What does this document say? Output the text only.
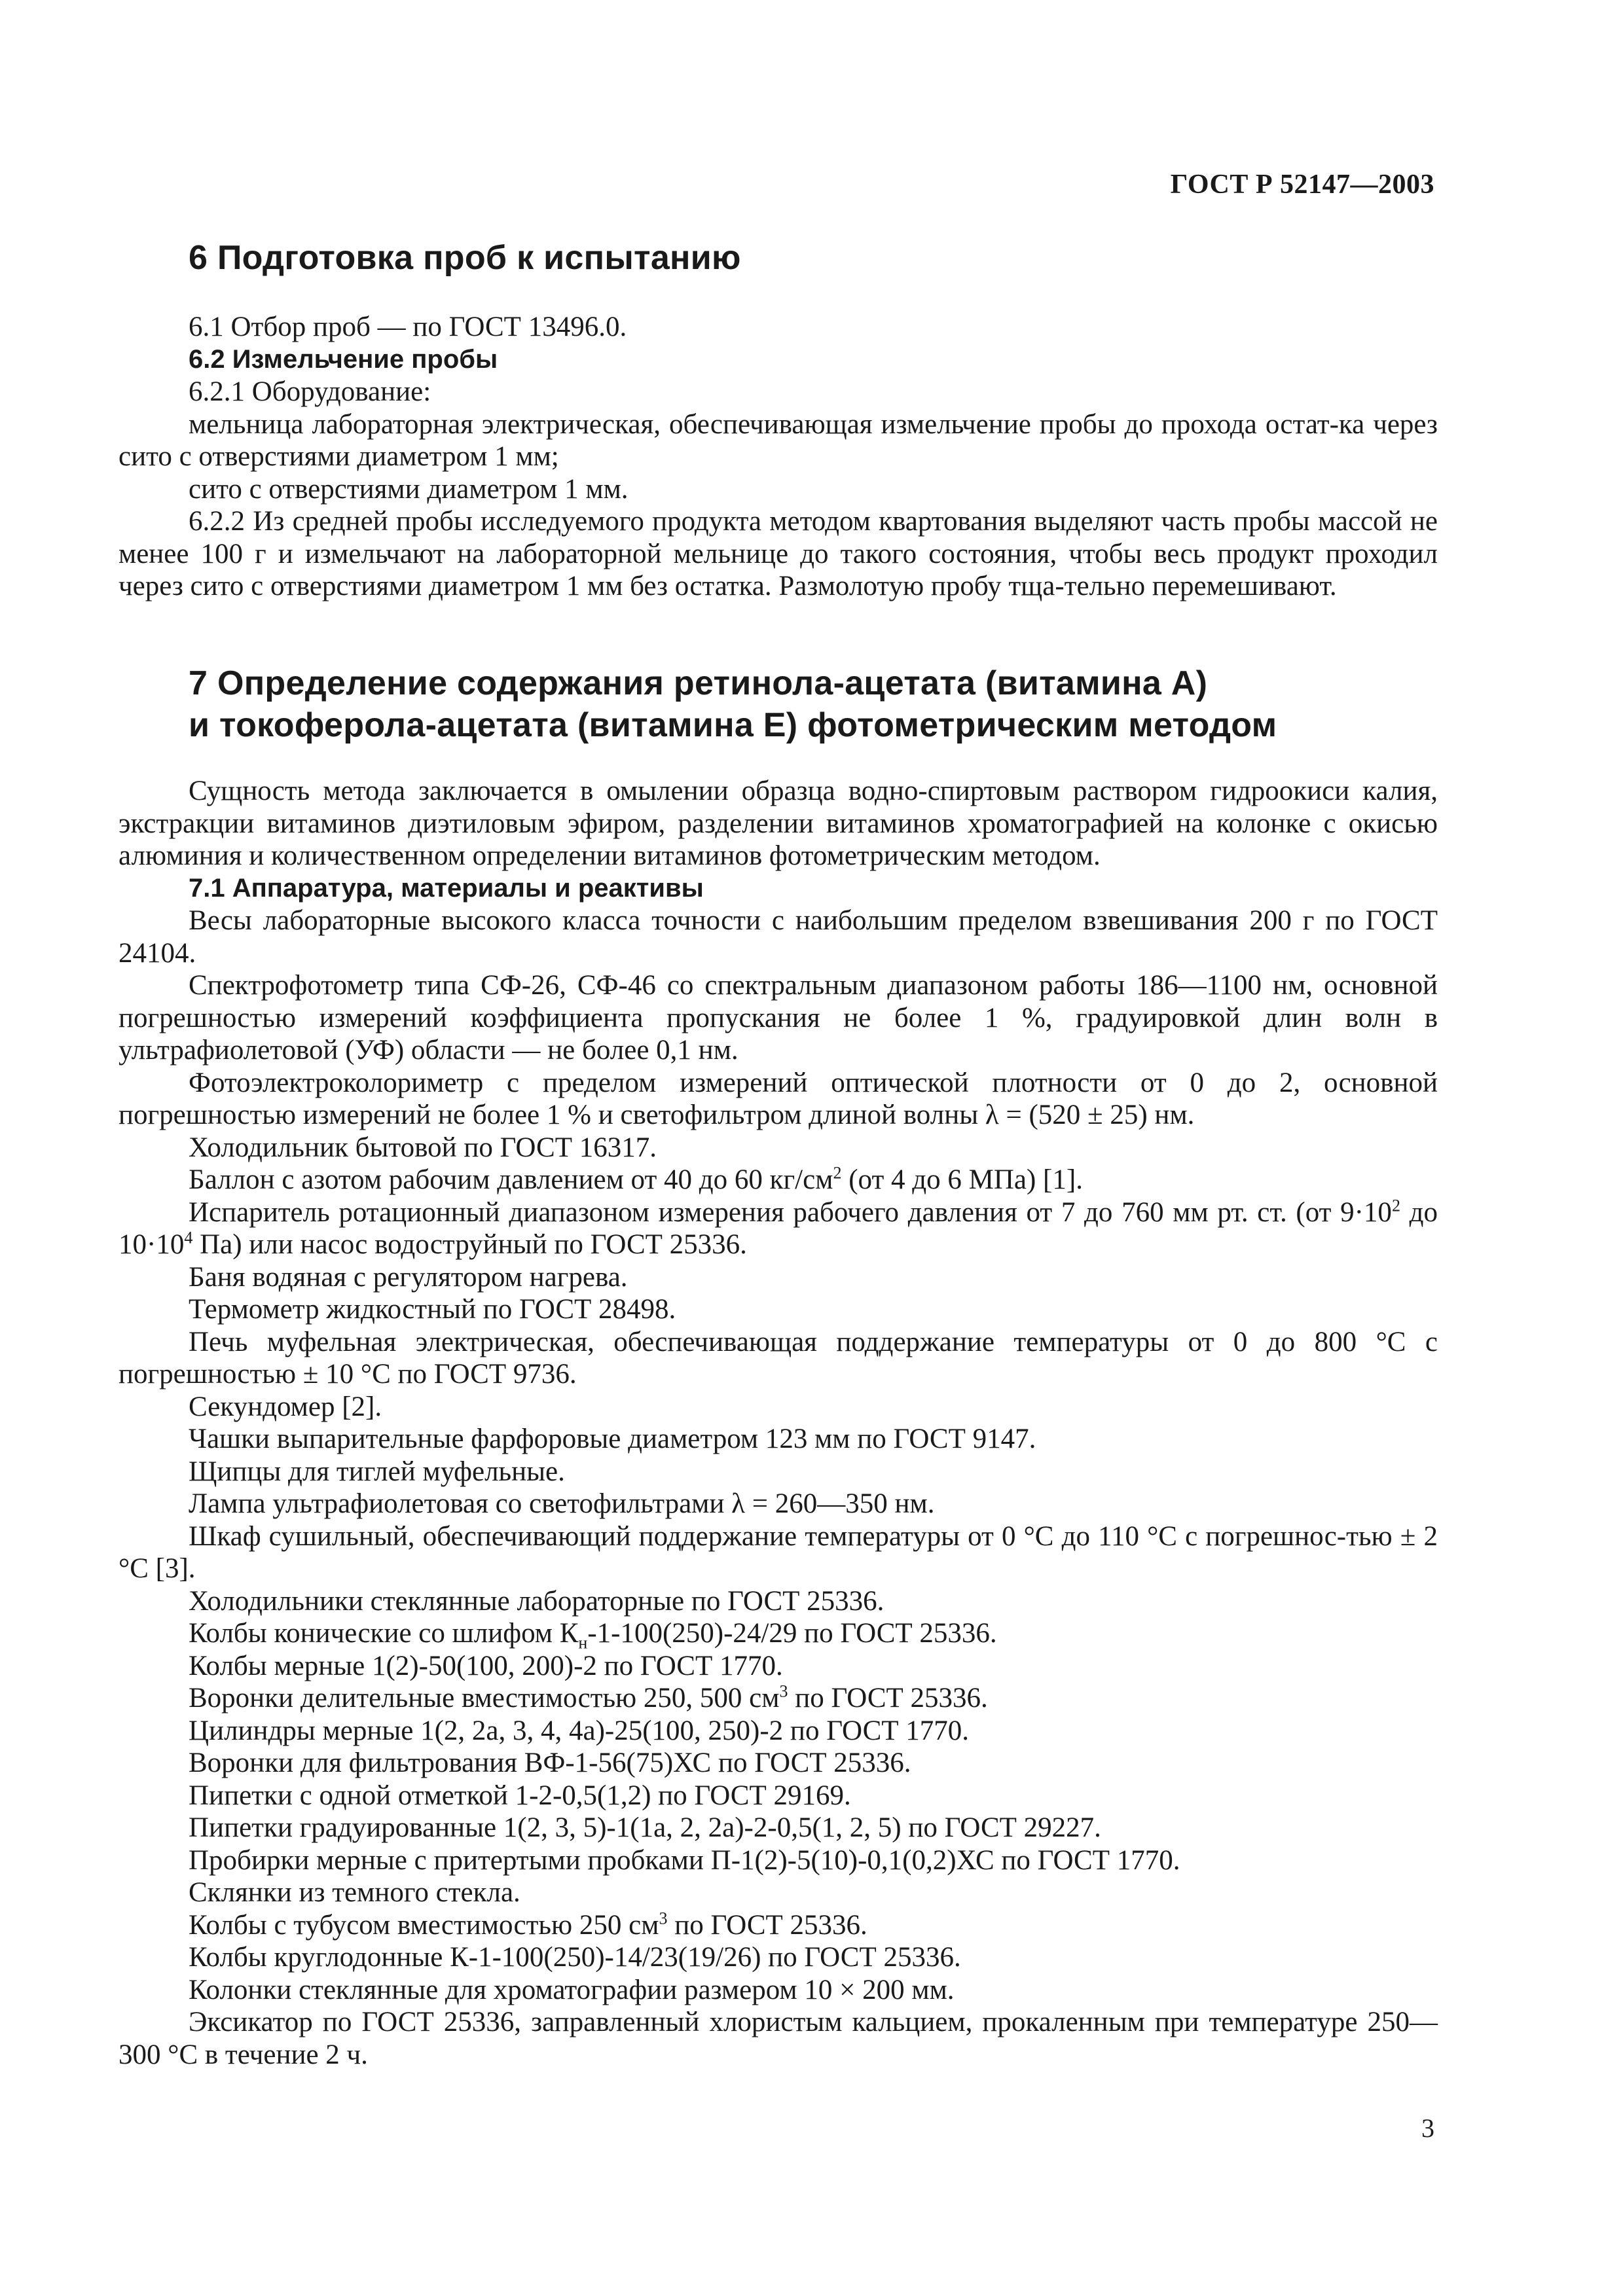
ГОСТ Р 52147—2003
6 Подготовка проб к испытанию

6.1 Отбор проб — по ГОСТ 13496.0.

6.2 Измельчение пробы

6.2.1 Оборудование:

мельница лабораторная электрическая, обеспечивающая измельчение пробы до прохода остат-ка через сито с отверстиями диаметром 1 мм;

сито с отверстиями диаметром 1 мм.

6.2.2 Из средней пробы исследуемого продукта методом квартования выделяют часть пробы массой не менее 100 г и измельчают на лабораторной мельнице до такого состояния, чтобы весь продукт проходил через сито с отверстиями диаметром 1 мм без остатка. Размолотую пробу тща-тельно перемешивают.

7 Определение содержания ретинола-ацетата (витамина А)
и токоферола-ацетата (витамина Е) фотометрическим методом

Сущность метода заключается в омылении образца водно-спиртовым раствором гидроокиси калия, экстракции витаминов диэтиловым эфиром, разделении витаминов хроматографией на колонке с окисью алюминия и количественном определении витаминов фотометрическим методом.

7.1 Аппаратура, материалы и реактивы

Весы лабораторные высокого класса точности с наибольшим пределом взвешивания 200 г по ГОСТ 24104.

Спектрофотометр типа СФ-26, СФ-46 со спектральным диапазоном работы 186—1100 нм, основной погрешностью измерений коэффициента пропускания не более 1 %, градуировкой длин волн в ультрафиолетовой (УФ) области — не более 0,1 нм.

Фотоэлектроколориметр с пределом измерений оптической плотности от 0 до 2, основной погрешностью измерений не более 1 % и светофильтром длиной волны λ = (520 ± 25) нм.

Холодильник бытовой по ГОСТ 16317.

Баллон с азотом рабочим давлением от 40 до 60 $кг/см^2$ (от 4 до 6 МПа) [1].

Испаритель ротационный диапазоном измерения рабочего давления от 7 до 760 мм рт. ст. (от $9\cdot 10^2$ до $10\cdot 10^4$ Па) или насос водоструйный по ГОСТ 25336.

Баня водяная с регулятором нагрева.

Термометр жидкостный по ГОСТ 28498.

Печь муфельная электрическая, обеспечивающая поддержание температуры от 0 до 800 °С с погрешностью ± 10 °С по ГОСТ 9736.

Секундомер [2].

Чашки выпарительные фарфоровые диаметром 123 мм по ГОСТ 9147.

Щипцы для тиглей муфельные.

Лампа ультрафиолетовая со светофильтрами λ = 260—350 нм.

Шкаф сушильный, обеспечивающий поддержание температуры от 0 °С до 110 °С с погрешнос-тью ± 2 °С [3].

Холодильники стеклянные лабораторные по ГОСТ 25336.

Колбы конические со шлифом $К_н-1-100(250)-24/29$ по ГОСТ 25336.

Колбы мерные 1(2)-50(100, 200)-2 по ГОСТ 1770.

Воронки делительные вместимостью 250, 500 $см^3$ по ГОСТ 25336.

Цилиндры мерные 1(2, 2а, 3, 4, 4а)-25(100, 250)-2 по ГОСТ 1770.

Воронки для фильтрования ВФ-1-56(75)ХС по ГОСТ 25336.

Пипетки с одной отметкой 1-2-0,5(1,2) по ГОСТ 29169.

Пипетки градуированные 1(2, 3, 5)-1(1а, 2, 2а)-2-0,5(1, 2, 5) по ГОСТ 29227.

Пробирки мерные с притертыми пробками П-1(2)-5(10)-0,1(0,2)ХС по ГОСТ 1770.

Склянки из темного стекла.

Колбы с тубусом вместимостью 250 $см^3$ по ГОСТ 25336.

Колбы круглодонные К-1-100(250)-14/23(19/26) по ГОСТ 25336.

Колонки стеклянные для хроматографии размером 10 × 200 мм.

Эксикатор по ГОСТ 25336, заправленный хлористым кальцием, прокаленным при температуре 250—300 °С в течение 2 ч.

3
